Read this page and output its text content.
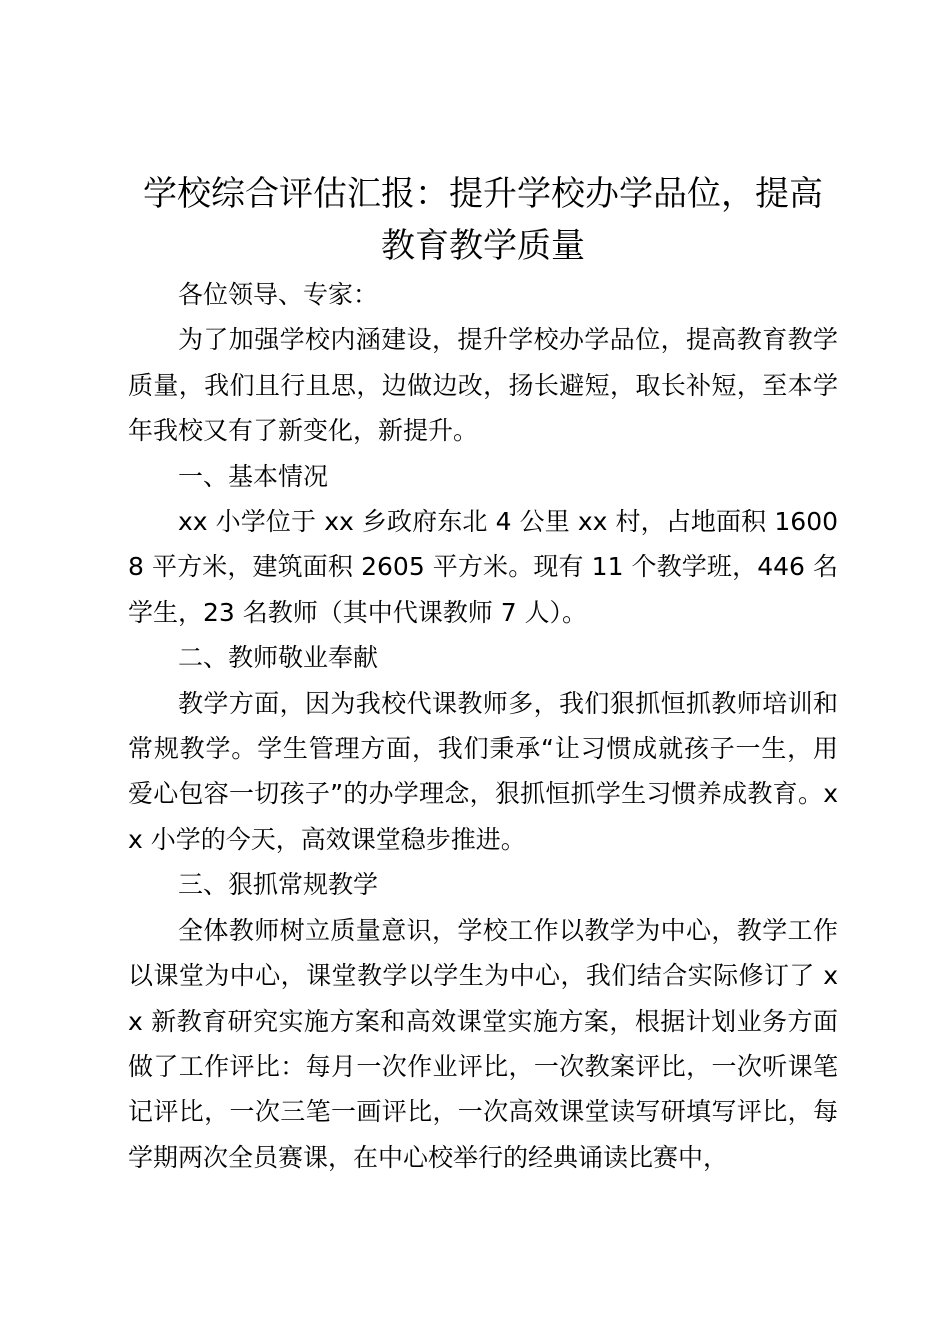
学校综合评估汇报：提升学校办学品位，提高教育教学质量

各位领导、专家：

为了加强学校内涵建设，提升学校办学品位，提高教育教学质量，我们且行且思，边做边改，扬长避短，取长补短，至本学年我校又有了新变化，新提升。

一、基本情况

xx 小学位于 xx 乡政府东北 4 公里 xx 村，占地面积 16008 平方米，建筑面积 2605 平方米。现有 11 个教学班，446 名学生，23 名教师（其中代课教师 7 人）。

二、教师敬业奉献

教学方面，因为我校代课教师多，我们狠抓恒抓教师培训和常规教学。学生管理方面，我们秉承“让习惯成就孩子一生，用爱心包容一切孩子”的办学理念，狠抓恒抓学生习惯养成教育。xx 小学的今天，高效课堂稳步推进。

三、狠抓常规教学

全体教师树立质量意识，学校工作以教学为中心，教学工作以课堂为中心，课堂教学以学生为中心，我们结合实际修订了 xx 新教育研究实施方案和高效课堂实施方案，根据计划业务方面做了工作评比：每月一次作业评比，一次教案评比，一次听课笔记评比，一次三笔一画评比，一次高效课堂读写研填写评比，每学期两次全员赛课，在中心校举行的经典诵读比赛中，
